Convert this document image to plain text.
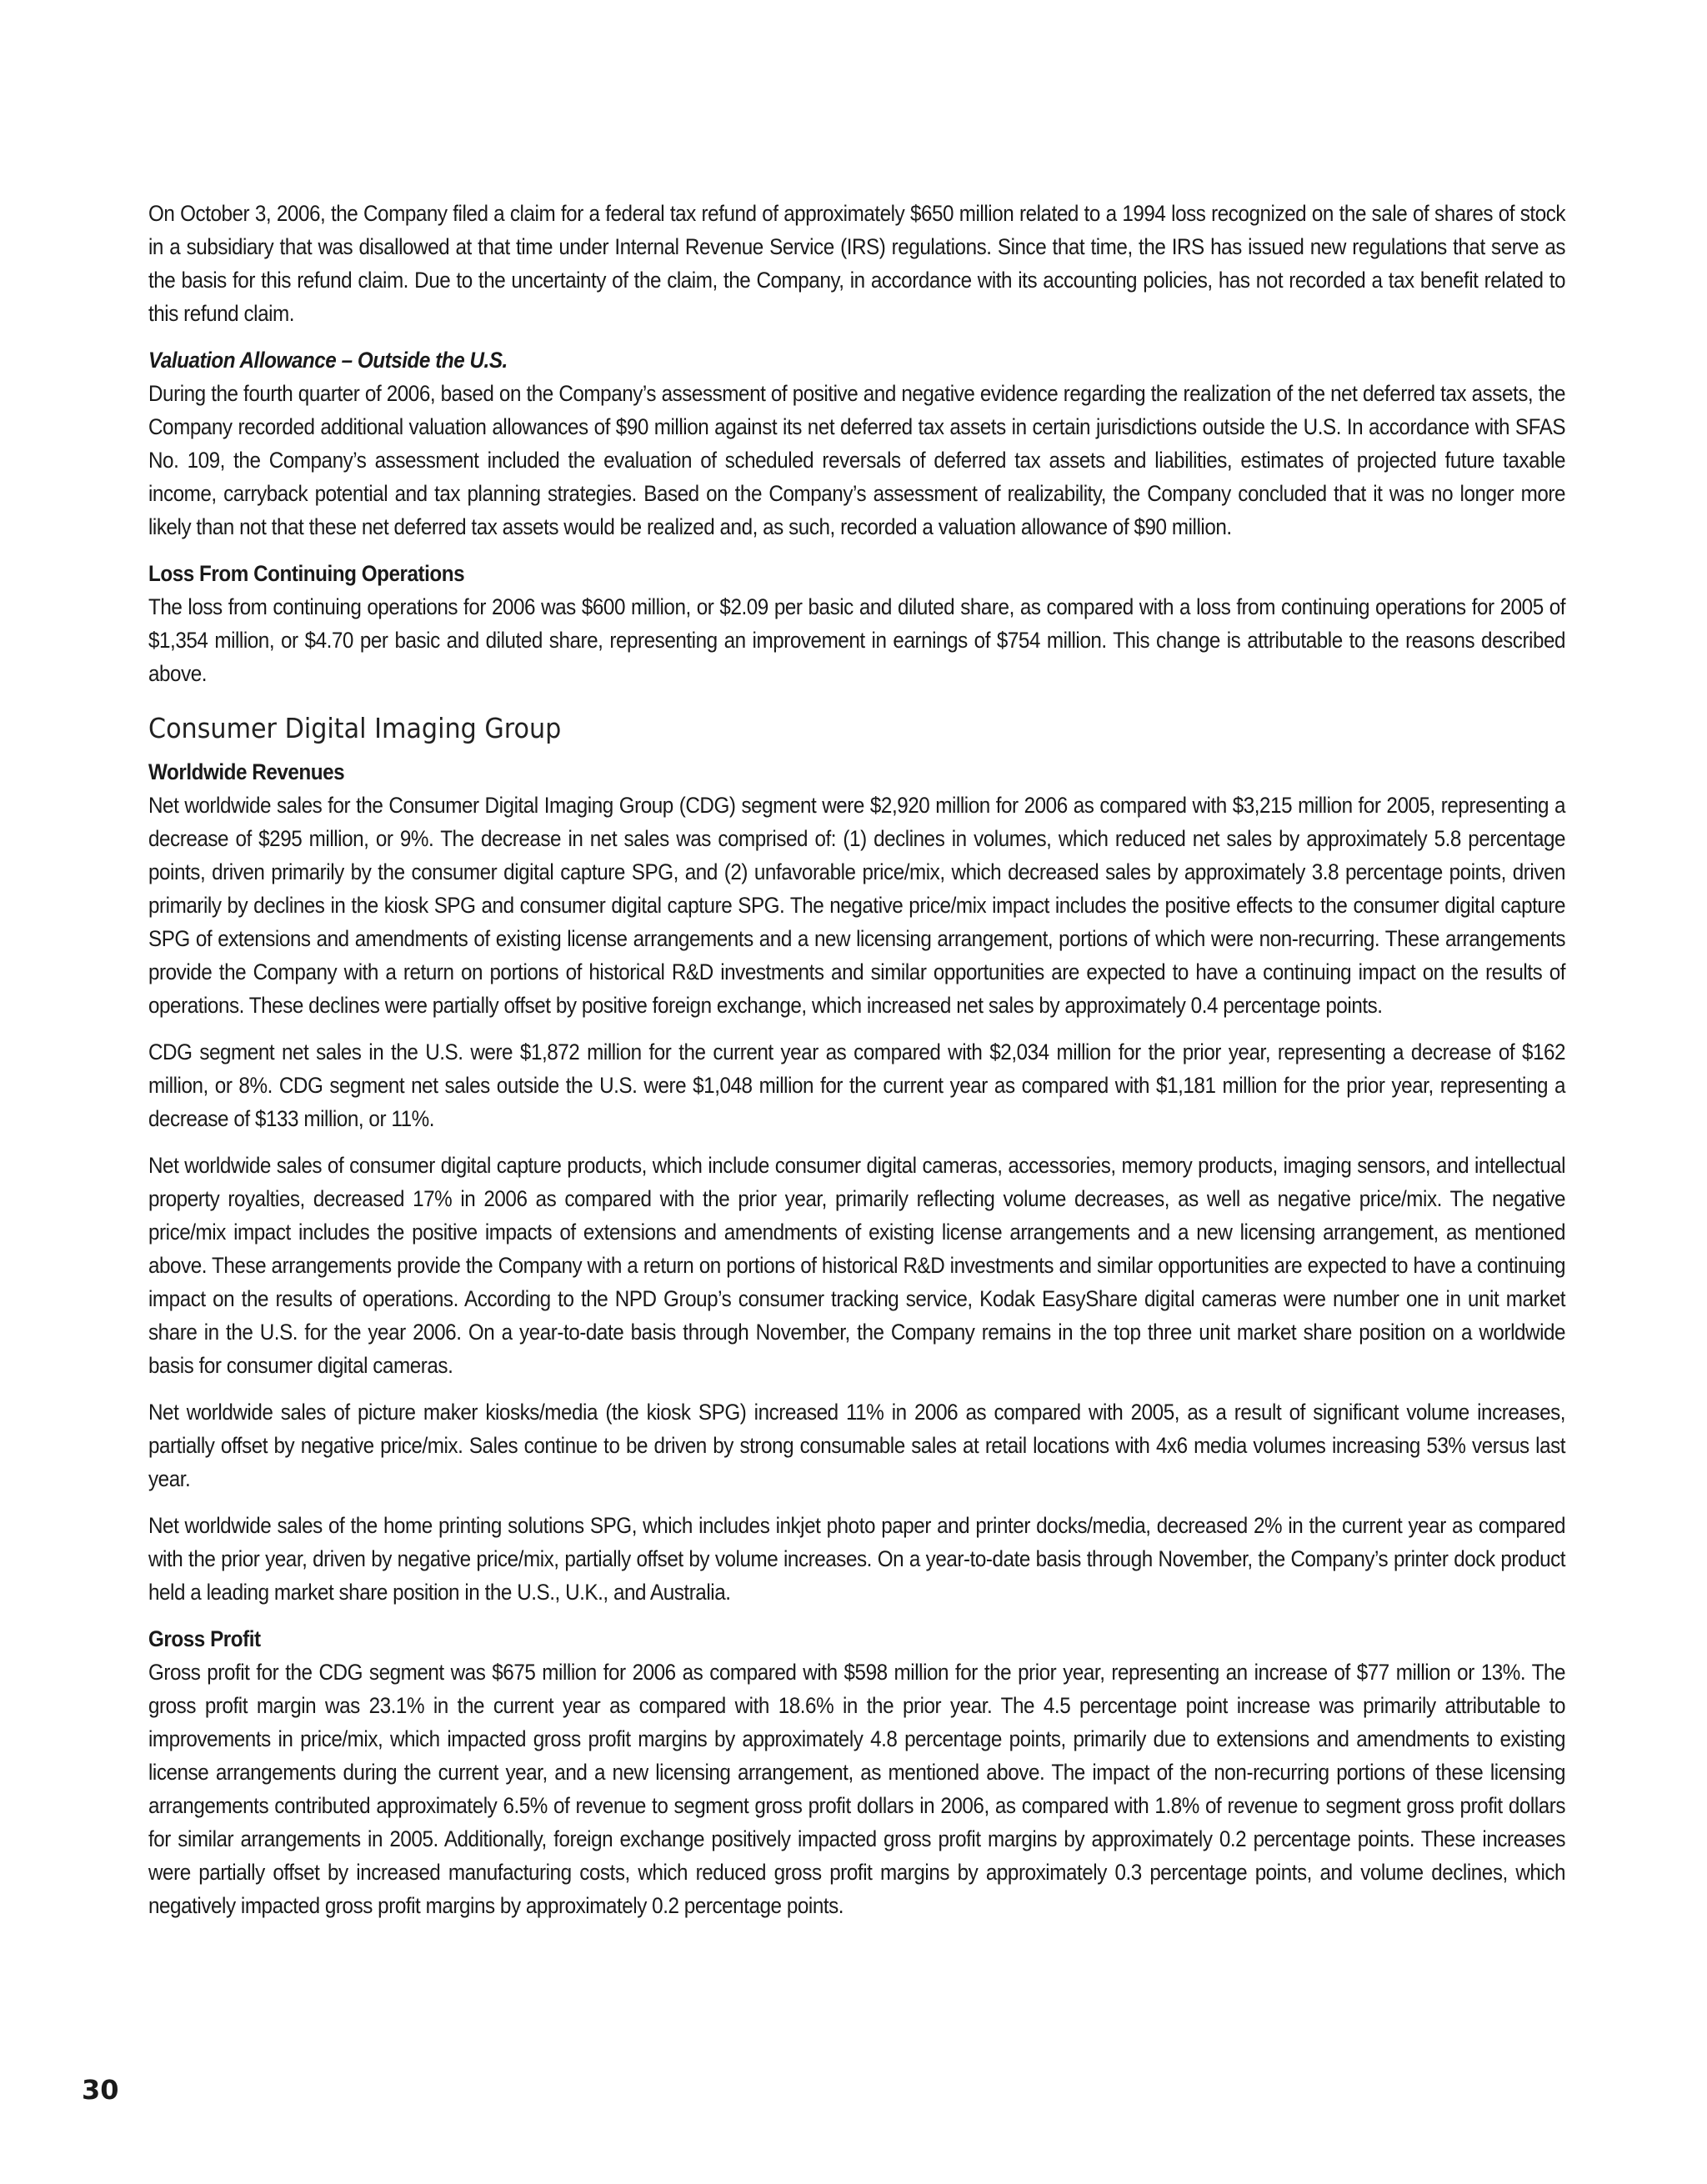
On October 3, 2006, the Company filed a claim for a federal tax refund of approximately $650 million related to a 1994 loss recognized on the sale of shares of stock in a subsidiary that was disallowed at that time under Internal Revenue Service (IRS) regulations. Since that time, the IRS has issued new regulations that serve as the basis for this refund claim. Due to the uncertainty of the claim, the Company, in accordance with its accounting policies, has not recorded a tax benefit related to this refund claim.

Valuation Allowance – Outside the U.S.

During the fourth quarter of 2006, based on the Company’s assessment of positive and negative evidence regarding the realization of the net deferred tax assets, the Company recorded additional valuation allowances of $90 million against its net deferred tax assets in certain jurisdictions outside the U.S. In accordance with SFAS No. 109, the Company’s assessment included the evaluation of scheduled reversals of deferred tax assets and liabilities, estimates of projected future taxable income, carryback potential and tax planning strategies. Based on the Company’s assessment of realizability, the Company concluded that it was no longer more likely than not that these net deferred tax assets would be realized and, as such, recorded a valuation allowance of $90 million.

Loss From Continuing Operations

The loss from continuing operations for 2006 was $600 million, or $2.09 per basic and diluted share, as compared with a loss from continuing operations for 2005 of $1,354 million, or $4.70 per basic and diluted share, representing an improvement in earnings of $754 million. This change is attributable to the reasons described above.

Consumer Digital Imaging Group
Worldwide Revenues

Net worldwide sales for the Consumer Digital Imaging Group (CDG) segment were $2,920 million for 2006 as compared with $3,215 million for 2005, representing a decrease of $295 million, or 9%. The decrease in net sales was comprised of: (1) declines in volumes, which reduced net sales by approximately 5.8 percentage points, driven primarily by the consumer digital capture SPG, and (2) unfavorable price/mix, which decreased sales by approximately 3.8 percentage points, driven primarily by declines in the kiosk SPG and consumer digital capture SPG. The negative price/mix impact includes the positive effects to the consumer digital capture SPG of extensions and amendments of existing license arrangements and a new licensing arrangement, portions of which were non-recurring. These arrangements provide the Company with a return on portions of historical R&D investments and similar opportunities are expected to have a continuing impact on the results of operations. These declines were partially offset by positive foreign exchange, which increased net sales by approximately 0.4 percentage points.

CDG segment net sales in the U.S. were $1,872 million for the current year as compared with $2,034 million for the prior year, representing a decrease of $162 million, or 8%. CDG segment net sales outside the U.S. were $1,048 million for the current year as compared with $1,181 million for the prior year, representing a decrease of $133 million, or 11%.

Net worldwide sales of consumer digital capture products, which include consumer digital cameras, accessories, memory products, imaging sensors, and intellectual property royalties, decreased 17% in 2006 as compared with the prior year, primarily reflecting volume decreases, as well as negative price/mix. The negative price/mix impact includes the positive impacts of extensions and amendments of existing license arrangements and a new licensing arrangement, as mentioned above. These arrangements provide the Company with a return on portions of historical R&D investments and similar opportunities are expected to have a continuing impact on the results of operations. According to the NPD Group’s consumer tracking service, Kodak EasyShare digital cameras were number one in unit market share in the U.S. for the year 2006. On a year-to-date basis through November, the Company remains in the top three unit market share position on a worldwide basis for consumer digital cameras.

Net worldwide sales of picture maker kiosks/media (the kiosk SPG) increased 11% in 2006 as compared with 2005, as a result of significant volume increases, partially offset by negative price/mix. Sales continue to be driven by strong consumable sales at retail locations with 4x6 media volumes increasing 53% versus last year.

Net worldwide sales of the home printing solutions SPG, which includes inkjet photo paper and printer docks/media, decreased 2% in the current year as compared with the prior year, driven by negative price/mix, partially offset by volume increases. On a year-to-date basis through November, the Company’s printer dock product held a leading market share position in the U.S., U.K., and Australia.

Gross Profit

Gross profit for the CDG segment was $675 million for 2006 as compared with $598 million for the prior year, representing an increase of $77 million or 13%. The gross profit margin was 23.1% in the current year as compared with 18.6% in the prior year. The 4.5 percentage point increase was primarily attributable to improvements in price/mix, which impacted gross profit margins by approximately 4.8 percentage points, primarily due to extensions and amendments to existing license arrangements during the current year, and a new licensing arrangement, as mentioned above. The impact of the non-recurring portions of these licensing arrangements contributed approximately 6.5% of revenue to segment gross profit dollars in 2006, as compared with 1.8% of revenue to segment gross profit dollars for similar arrangements in 2005. Additionally, foreign exchange positively impacted gross profit margins by approximately 0.2 percentage points. These increases were partially offset by increased manufacturing costs, which reduced gross profit margins by approximately 0.3 percentage points, and volume declines, which negatively impacted gross profit margins by approximately 0.2 percentage points.

30
